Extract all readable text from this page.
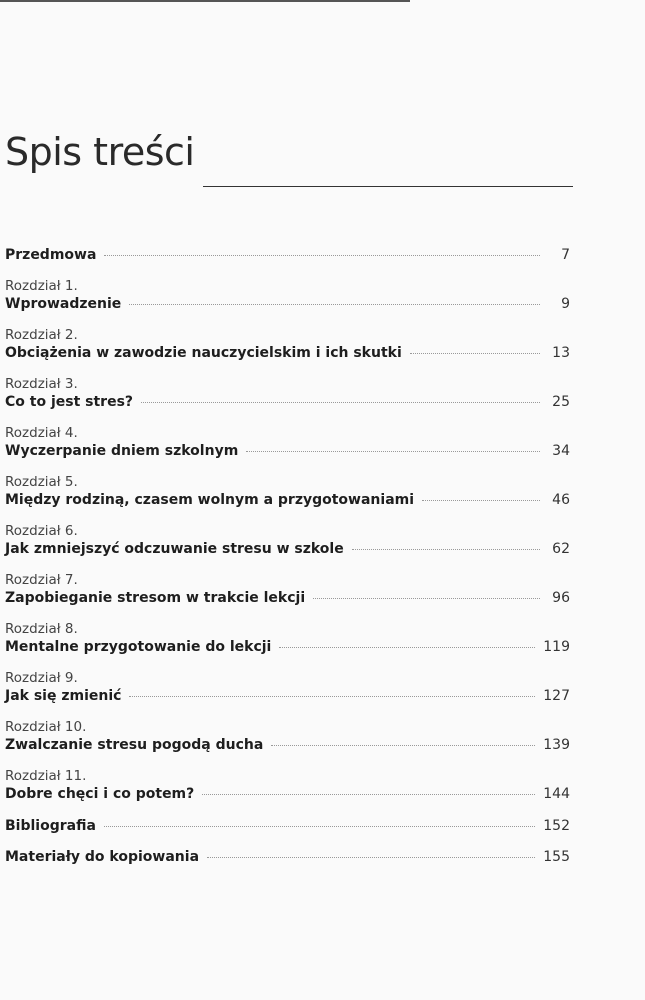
Spis treści
Przedmowa	7
Rozdział 1.
Wprowadzenie	9
Rozdział 2.
Obciążenia w zawodzie nauczycielskim i ich skutki	13
Rozdział 3.
Co to jest stres?	25
Rozdział 4.
Wyczerpanie dniem szkolnym	34
Rozdział 5.
Między rodziną, czasem wolnym a przygotowaniami	46
Rozdział 6.
Jak zmniejszyć odczuwanie stresu w szkole	62
Rozdział 7.
Zapobieganie stresom w trakcie lekcji	96
Rozdział 8.
Mentalne przygotowanie do lekcji	119
Rozdział 9.
Jak się zmienić	127
Rozdział 10.
Zwalczanie stresu pogodą ducha	139
Rozdział 11.
Dobre chęci i co potem?	144
Bibliografia	152
Materiały do kopiowania	155
